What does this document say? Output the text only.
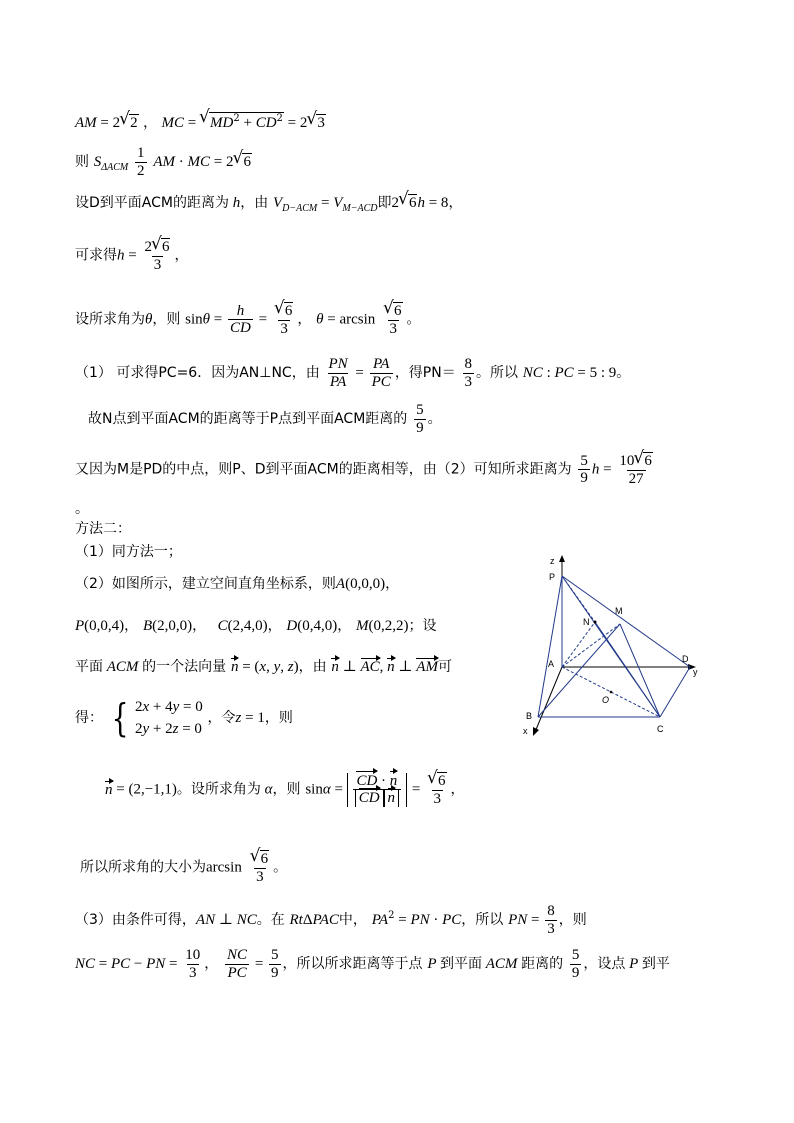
AM = 2√ 2 ， MC = √ $MD^2 + CD^2 = 2√$ 3
则 $S_{\Delta ACM} \frac{1}{2}$ AM · MC = 2√ 6
设D到平面ACM的距离为 h，由 $V_{D-ACM} = V_{M-ACD}$即2√ 6h = 8，
可求得$h = \frac{2√ 6}{3}$ ，
设所求角为θ，则 $\sin\theta = \frac{h}{CD}$ =
√ $\frac{6}{3}$ ， θ = arcsin
√ $\frac{6}{3}$ 。
（1） 可求得PC=6．因为AN⊥NC，由 $\frac{PN}{PA} = \frac{PA}{PC}$ ，得$PN= \frac{8}{3}$ 。所以 NC : PC = 5 : 9。
故N点到平面ACM的距离等于P点到平面ACM距离的 $\frac{5}{9}$ 。
又因为M是PD的中点，则P、D到平面ACM的距离相等，由（2）可知所求距离为 $\frac{5}{9}$ $h = \frac{10√ 6}{27}$
。
方法二：
（1）同方法一；
（2）如图所示，建立空间直角坐标系，则A(0,0,0)，
P(0,0,4)， B(2,0,0)，　 C(2,4,0)， D(0,4,0)， M(0,2,2)；设
平面 ACM 的一个法向量 n = (x, y, z)，由 n ⊥ AC, n ⊥ AM可
得： { 2x + 4y = 0
2y + 2z = 0
，令z = 1，则
n = (2,−1,1)。设所求角为 α，则 $\sin\alpha = \frac{CD \cdot n}{\text{CD n}}$ =
√ $\frac{6}{3}$ ，
所以所求角的大小为arcsin
√ $\frac{6}{3}$ 。
（3）由条件可得，AN ⊥ NC。在 RtΔPAC中， $PA^2$ = PN · PC，所以 PN = $\frac{8}{3}$ ，则
NC = PC − PN = $\frac{10}{3}$ ， $\frac{NC}{PC} = \frac{5}{9}$ ，所以所求距离等于点 P 到平面 ACM 距离的 $\frac{5}{9}$ ，设点 P 到平
z
P
M
N
A	D
y
O
B
x	C
